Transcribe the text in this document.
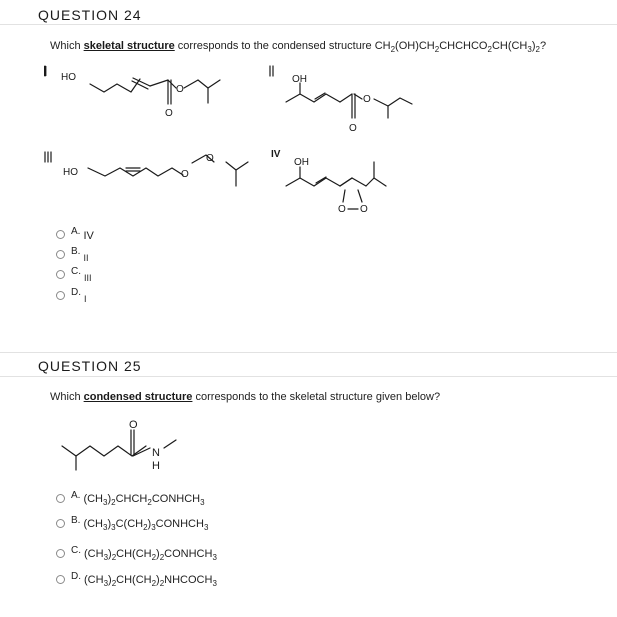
QUESTION 24
Which skeletal structure corresponds to the condensed structure $CH_2(OH)CH_2CHCHCO_2CH(CH_3)_2$?
I
HO
O
O
II
OH
O
O
III
HO	O
O	IV
OH
O O
O
N
H
A. IV
B.
II
C.
III
D.
I
QUESTION 25
Which condensed structure corresponds to the skeletal structure given below?
A. $(CH_3)_2CHCH_2CONHCH_3$
B. $(CH_3)_3C(CH_2)_3CONHCH_3$
C. $(CH_3)_2CH(CH_2)_2CONHCH_3$
D. $(CH_3)_2CH(CH_2)_2NHCOCH_3$
